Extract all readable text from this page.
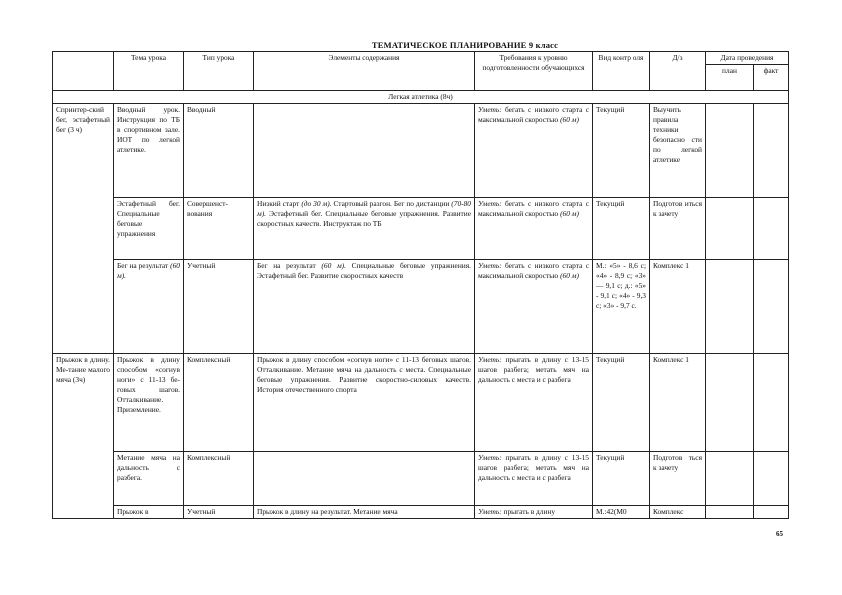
ТЕМАТИЧЕСКОЕ ПЛАНИРОВАНИЕ 9 класс
	Тема урока	Тип урока	Элементы содержания	Требования к уровню подготовленности обучающихся	Вид контр оля	Д/з	Дата проведения	
							план	факт
Легкая атлетика (8ч)								
Спринтер-ский бег, эстафетный бег (3 ч)	Вводный урок. Инструкция по ТБ в спортивном зале. ИОТ по легкой атлетике.	Вводный		Уметь: бегать с низкого старта с максимальной скоростью (60 м)	Текущий	Выучить правила техники безопасно сти по легкой атлетике		
	Эстафетный бег. Специальные беговые упражнения	Совершенст-вования	Низкий старт (до 30 м). Стартовый разгон. Бег по дистанции (70-80 м). Эстафетный бег. Специальные беговые упражнения. Развитие скоростных качеств. Инструктаж по ТБ	Уметь: бегать с низкого старта с максимальной скоростью (60 м)	Текущий	Подготов иться к зачету		
	Бег на результат (60 м).	Учетный	Бег на результат (60 м). Специальные беговые упражнения. Эстафетный бег. Развитие скоростных качеств	Уметь: бегать с низкого старта с максимальной скоростью (60 м)	М.: «5» - 8,6 с; «4» - 8,9 с; «3» — 9,1 с; д.: «5» - 9,1 с; «4» - 9,3 с; «3» - 9,7 с.	Комплекс 1		
Прыжок в длину. Ме-тание малого мяча (3ч)	Прыжок в длину способом «согнув ноги» с 11-13 бе-говых шагов. Отталкивание. Приземление.	Комплексный	Прыжок в длину способом «согнув ноги» с 11-13 беговых шагов. Отталкивание. Метание мяча на дальность с места. Специальные беговые упражнения. Развитие скоростно-силовых качеств. История отечественного спорта	Уметь: прыгать в длину с 13-15 шагов разбега; метать мяч на дальность с места и с разбега	Текущий	Комплекс 1		
	Метание мяча на дальность с разбега.	Комплексный		Уметь: прыгать в длину с 13-15 шагов разбега; метать мяч на дальность с места и с разбега	Текущий	Подготов ться к зачету		
	Прыжок в	Учетный	Прыжок в длину на результат. Метание мяча	Уметь: прыгать в длину	М.:42(М0	Комплекс		
65
